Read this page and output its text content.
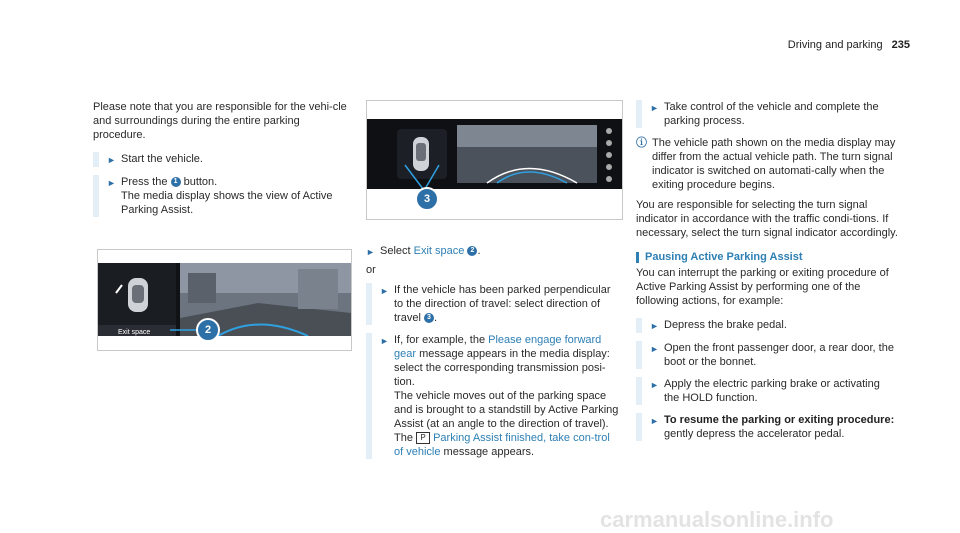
Driving and parking 235

Please note that you are responsible for the vehi-cle and surroundings during the entire parking procedure.

► Start the vehicle.
► Press the 1 button.
The media display shows the view of Active Parking Assist.
Exit space	2
3
► Select Exit space 2 .

or

► If the vehicle has been parked perpendicular to the direction of travel: select direction of travel 3 .
► If, for example, the Please engage forward gear message appears in the media display: select the corresponding transmission posi-tion.
The vehicle moves out of the parking space and is brought to a standstill by Active Parking Assist (at an angle to the direction of travel).
The P Parking Assist finished, take con-trol of vehicle message appears.
► Take control of the vehicle and complete the parking process.
ⓘ The vehicle path shown on the media display may differ from the actual vehicle path. The turn signal indicator is switched on automati-cally when the exiting procedure begins.

You are responsible for selecting the turn signal indicator in accordance with the traffic condi-tions. If necessary, select the turn signal indicator accordingly.

Pausing Active Parking Assist

You can interrupt the parking or exiting procedure of Active Parking Assist by performing one of the following actions, for example:

► Depress the brake pedal.
► Open the front passenger door, a rear door, the boot or the bonnet.
► Apply the electric parking brake or activating the HOLD function.
► To resume the parking or exiting procedure:
gently depress the accelerator pedal.
carmanualsonline.info
